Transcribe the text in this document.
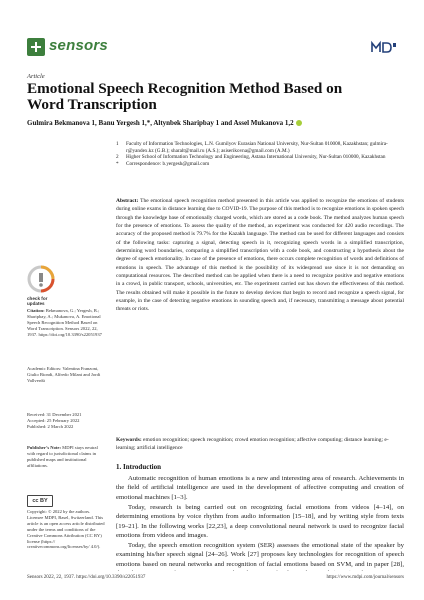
sensors
Article
Emotional Speech Recognition Method Based on Word Transcription
Gulmira Bekmanova 1, Banu Yergesh 1,*, Altynbek Sharipbay 1 and Assel Mukanova 1,2
1 Faculty of Information Technologies, L.N. Gumilyov Eurasian National University, Nur-Sultan 010008, Kazakhstan; gulmira-r@yandex.kz (G.B.); sharalt@mail.ru (A.S.); asiserikovna@gmail.com (A.M.)
2 Higher School of Information Technology and Engineering, Astana International University, Nur-Sultan 010000, Kazakhstan
* Correspondence: b.yergesh@gmail.com

Abstract: The emotional speech recognition method presented in this article was applied to recognize the emotions of students during online exams in distance learning due to COVID-19. The purpose of this method is to recognize emotions in spoken speech through the knowledge base of emotionally charged words, which are stored as a code book. The method analyzes human speech for the presence of emotions. To assess the quality of the method, an experiment was conducted for 420 audio recordings. The accuracy of the proposed method is 79.7% for the Kazakh language. The method can be used for different languages and consists of the following tasks: capturing a signal, detecting speech in it, recognizing speech words in a simplified transcription, determining word boundaries, comparing a simplified transcription with a code book, and constructing a hypothesis about the degree of speech emotionality. In case of the presence of emotions, there occurs complete recognition of words and definitions of emotions in speech. The advantage of this method is the possibility of its widespread use since it is not demanding on computational resources. The described method can be applied when there is a need to recognize positive and negative emotions in a crowd, in public transport, schools, universities, etc. The experiment carried out has shown the effectiveness of this method. The results obtained will make it possible in the future to develop devices that begin to record and recognize a speech signal, for example, in the case of detecting negative emotions in sounding speech and, if necessary, transmitting a message about potential threats or riots.

Keywords: emotion recognition; speech recognition; crowd emotion recognition; affective computing; distance learning; e-learning; artificial intelligence

check for
updates
Citation: Bekmanova, G.; Yergesh, B.; Sharipbay, A.; Mukanova, A. Emotional Speech Recognition Method Based on Word Transcription. Sensors 2022, 22, 1937. https://doi.org/10.3390/s22051937
Academic Editors: Valentina Franzoni, Giulio Biondi, Alfredo Milani and Jordi Vallverdú
Received: 31 December 2021
Accepted: 25 February 2022
Published: 2 March 2022
Publisher’s Note: MDPI stays neutral with regard to jurisdictional claims in published maps and institutional affiliations.
cc BY
Copyright: © 2022 by the authors. Licensee MDPI, Basel, Switzerland. This article is an open access article distributed under the terms and conditions of the Creative Commons Attribution (CC BY) license (https:// creativecommons.org/licenses/by/ 4.0/).
1. Introduction

Automatic recognition of human emotions is a new and interesting area of research. Achievements in the field of artificial intelligence are used in the development of affective computing and creation of emotional machines [1–3].

Today, research is being carried out on recognizing facial emotions from videos [4–14], on determining emotions by voice rhythm from audio information [15–18], and by writing style from texts [19–21]. In the following works [22,23], a deep convolutional neural network is used to recognize facial emotions from videos and images.

Today, the speech emotion recognition system (SER) assesses the emotional state of the speaker by examining his/her speech signal [24–26]. Work [27] proposes key technologies for recognition of speech emotions based on neural networks and recognition of facial emotions based on SVM, and in paper [28],

Sensors 2022, 22, 1937. https://doi.org/10.3390/s22051937	https://www.mdpi.com/journal/sensors
